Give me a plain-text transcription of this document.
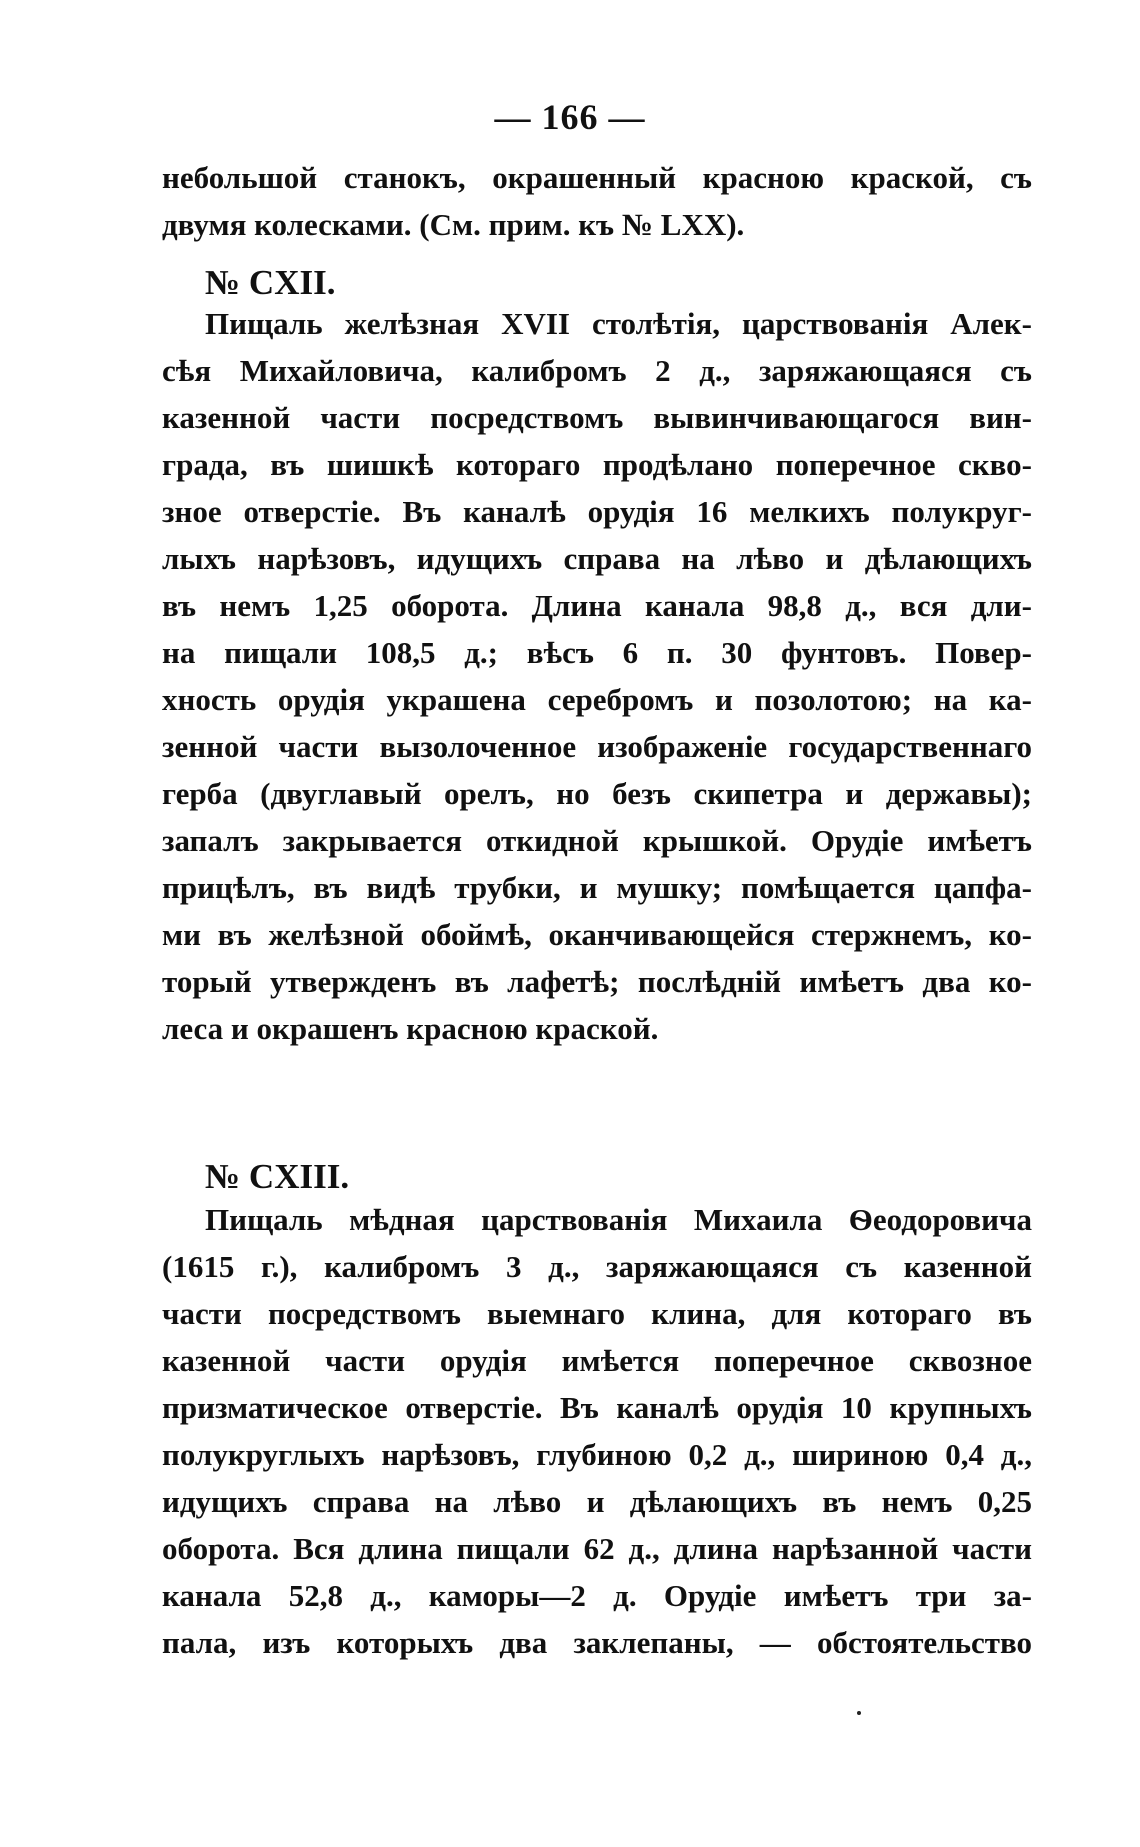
— 166 —
небольшой станокъ, окрашенный красною краской, съ
двумя колесками. (См. прим. къ № LXX).
№ CXII.
Пищаль желѣзная XVII столѣтія, царствованія Алек-
сѣя Михайловича, калибромъ 2 д., заряжающаяся съ
казенной части посредствомъ вывинчивающагося вин-
града, въ шишкѣ котораго продѣлано поперечное скво-
зное отверстіе. Въ каналѣ орудія 16 мелкихъ полукруг-
лыхъ нарѣзовъ, идущихъ справа на лѣво и дѣлающихъ
въ немъ 1,25 оборота. Длина канала 98,8 д., вся дли-
на пищали 108,5 д.; вѣсъ 6 п. 30 фунтовъ. Повер-
хность орудія украшена серебромъ и позолотою; на ка-
зенной части вызолоченное изображеніе государственнаго
герба (двуглавый орелъ, но безъ скипетра и державы);
запалъ закрывается откидной крышкой. Орудіе имѣетъ
прицѣлъ, въ видѣ трубки, и мушку; помѣщается цапфа-
ми въ желѣзной обоймѣ, оканчивающейся стержнемъ, ко-
торый утвержденъ въ лафетѣ; послѣдній имѣетъ два ко-
леса и окрашенъ красною краской.
№ CXIII.
Пищаль мѣдная царствованія Михаила Ѳеодоровича
(1615 г.), калибромъ 3 д., заряжающаяся съ казенной
части посредствомъ выемнаго клина, для котораго въ
казенной части орудія имѣется поперечное сквозное
призматическое отверстіе. Въ каналѣ орудія 10 крупныхъ
полукруглыхъ нарѣзовъ, глубиною 0,2 д., шириною 0,4 д.,
идущихъ справа на лѣво и дѣлающихъ въ немъ 0,25
оборота. Вся длина пищали 62 д., длина нарѣзанной части
канала 52,8 д., каморы—2 д. Орудіе имѣетъ три за-
пала, изъ которыхъ два заклепаны, — обстоятельство
